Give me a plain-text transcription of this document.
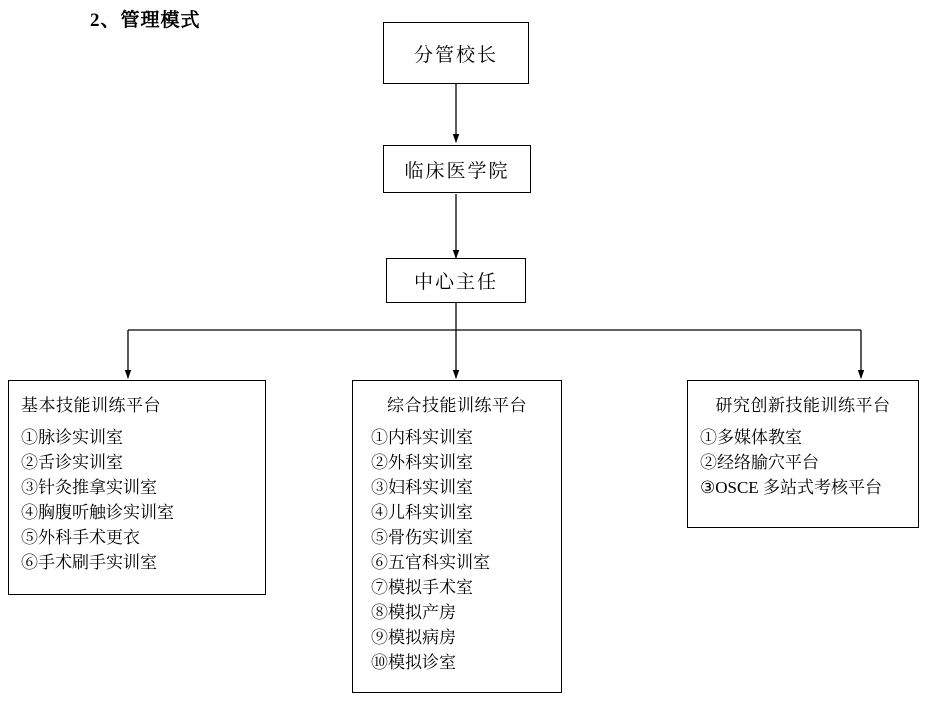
2、管理模式
分管校长
临床医学院
中心主任
基本技能训练平台
①脉诊实训室
②舌诊实训室
③针灸推拿实训室
④胸腹听触诊实训室
⑤外科手术更衣
⑥手术刷手实训室
综合技能训练平台
①内科实训室
②外科实训室
③妇科实训室
④儿科实训室
⑤骨伤实训室
⑥五官科实训室
⑦模拟手术室
⑧模拟产房
⑨模拟病房
⑩模拟诊室
研究创新技能训练平台
①多媒体教室
②经络腧穴平台
③OSCE 多站式考核平台
